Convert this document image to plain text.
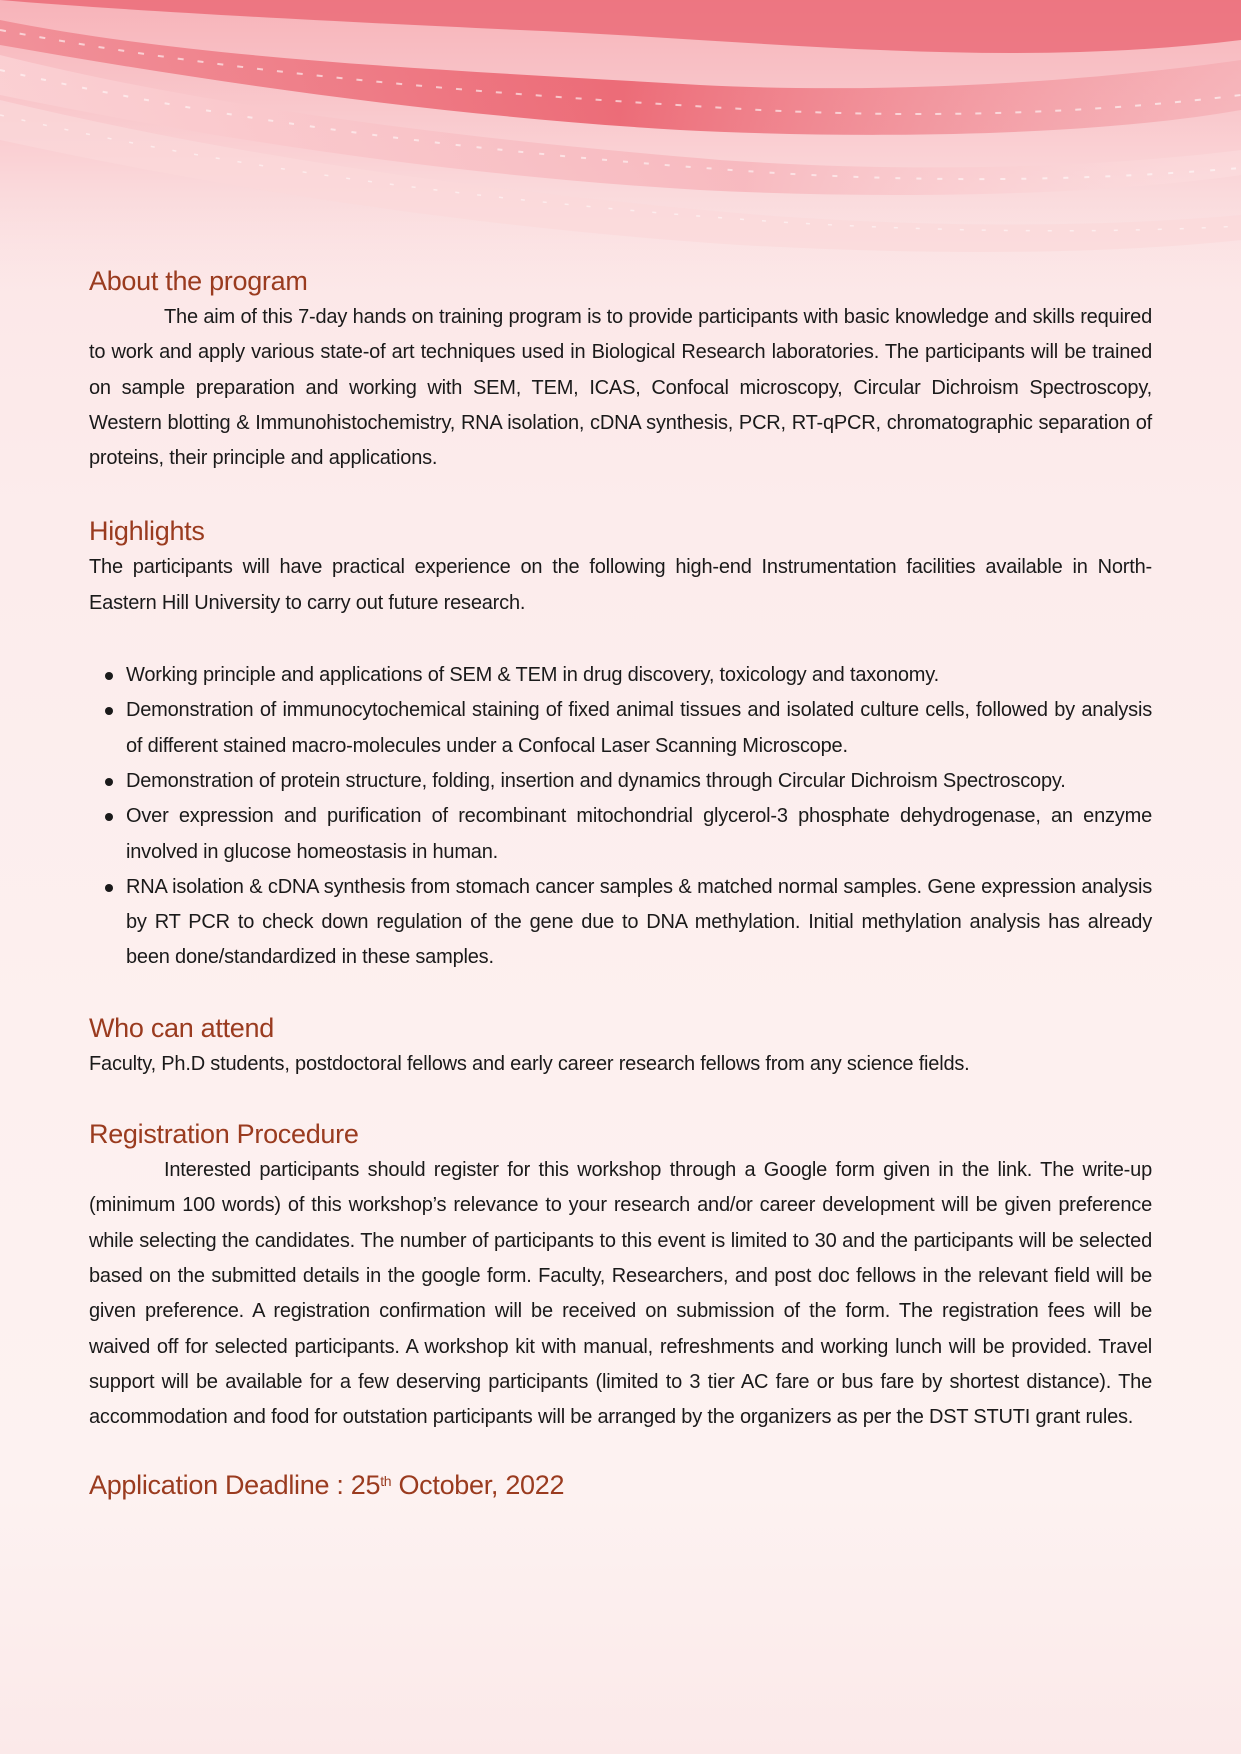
About the program

The aim of this 7-day hands on training program is to provide participants with basic knowledge and skills required to work and apply various state-of art techniques used in Biological Research laboratories. The participants will be trained on sample preparation and working with SEM, TEM, ICAS, Confocal microscopy, Circular Dichroism Spectroscopy, Western blotting & Immunohistochemistry, RNA isolation, cDNA synthesis, PCR, RT-qPCR, chromatographic separation of proteins, their principle and applications.

Highlights

The participants will have practical experience on the following high-end Instrumentation facilities available in North-Eastern Hill University to carry out future research.

Working principle and applications of SEM & TEM in drug discovery, toxicology and taxonomy.
Demonstration of immunocytochemical staining of fixed animal tissues and isolated culture cells, followed by analysis of different stained macro-molecules under a Confocal Laser Scanning Microscope.
Demonstration of protein structure, folding, insertion and dynamics through Circular Dichroism Spectroscopy.
Over expression and purification of recombinant mitochondrial glycerol-3 phosphate dehydrogenase, an enzyme involved in glucose homeostasis in human.
RNA isolation & cDNA synthesis from stomach cancer samples & matched normal samples. Gene expression analysis by RT PCR to check down regulation of the gene due to DNA methylation. Initial methylation analysis has already been done/standardized in these samples.
Who can attend

Faculty, Ph.D students, postdoctoral fellows and early career research fellows from any science fields.

Registration Procedure

Interested participants should register for this workshop through a Google form given in the link. The write-up (minimum 100 words) of this workshop’s relevance to your research and/or career development will be given preference while selecting the candidates. The number of participants to this event is limited to 30 and the participants will be selected based on the submitted details in the google form. Faculty, Researchers, and post doc fellows in the relevant field will be given preference. A registration confirmation will be received on submission of the form. The registration fees will be waived off for selected participants. A workshop kit with manual, refreshments and working lunch will be provided. Travel support will be available for a few deserving participants (limited to 3 tier AC fare or bus fare by shortest distance). The accommodation and food for outstation participants will be arranged by the organizers as per the DST STUTI grant rules.

Application Deadline : 25th October, 2022
